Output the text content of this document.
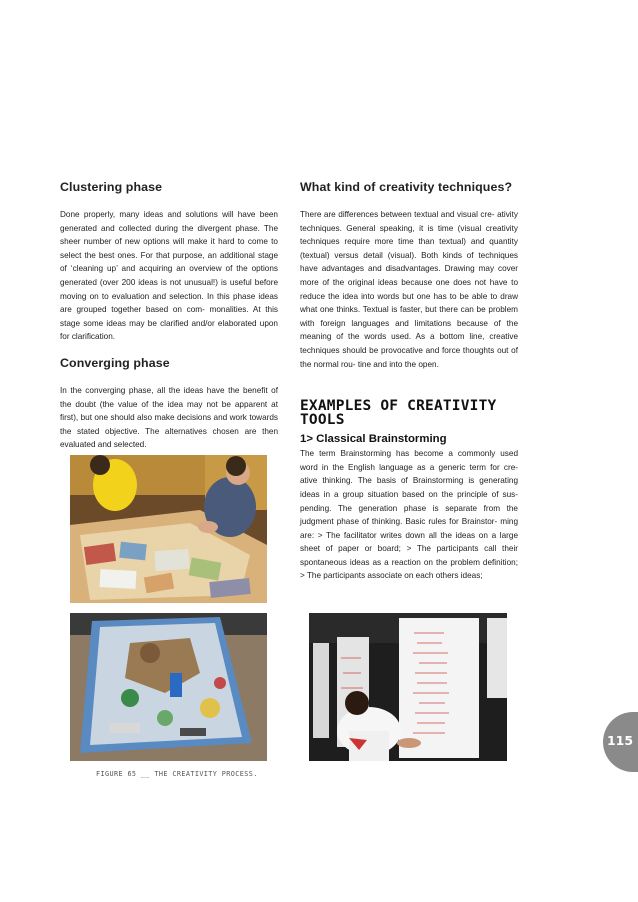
Clustering phase

Done properly, many ideas and solutions will have been generated and collected during the divergent phase. The sheer number of new options will make it hard to come to select the best ones. For that purpose, an additional stage of ‘cleaning up’ and acquiring an overview of the options generated (over 200 ideas is not unusual!) is useful before moving on to evaluation and selection. In this phase ideas are grouped together based on com- monalities. At this stage some ideas may be clarified and/or elaborated upon for clarification.

Converging phase

In the converging phase, all the ideas have the benefit of the doubt (the value of the idea may not be apparent at first), but one should also make decisions and work towards the stated objective. The alternatives chosen are then evaluated and selected.

What kind of creativity techniques?

There are differences between textual and visual cre- ativity techniques. General speaking, it is time (visual creativity techniques require more time than textual) and quantity (textual) versus detail (visual). Both kinds of techniques have advantages and disadvantages. Drawing may cover more of the original ideas because one does not have to reduce the idea into words but one has to be able to draw what one thinks. Textual is faster, but there can be problem with foreign languages and limitations because of the meaning of the words used. As a bottom line, creative techniques should be provocative and force thoughts out of the normal rou- tine and into the open.

EXAMPLES OF CREATIVITY
TOOLS
1> Classical Brainstorming

The term Brainstorming has become a commonly used word in the English language as a generic term for cre- ative thinking. The basis of Brainstorming is generating ideas in a group situation based on the principle of sus- pending. The generation phase is separate from the judgment phase of thinking. Basic rules for Brainstor- ming are: > The facilitator writes down all the ideas on a large sheet of paper or board; > The participants call their spontaneous ideas as a reaction on the problem definition; > The participants associate on each others ideas;

FIGURE 65 __ THE CREATIVITY PROCESS.
115
